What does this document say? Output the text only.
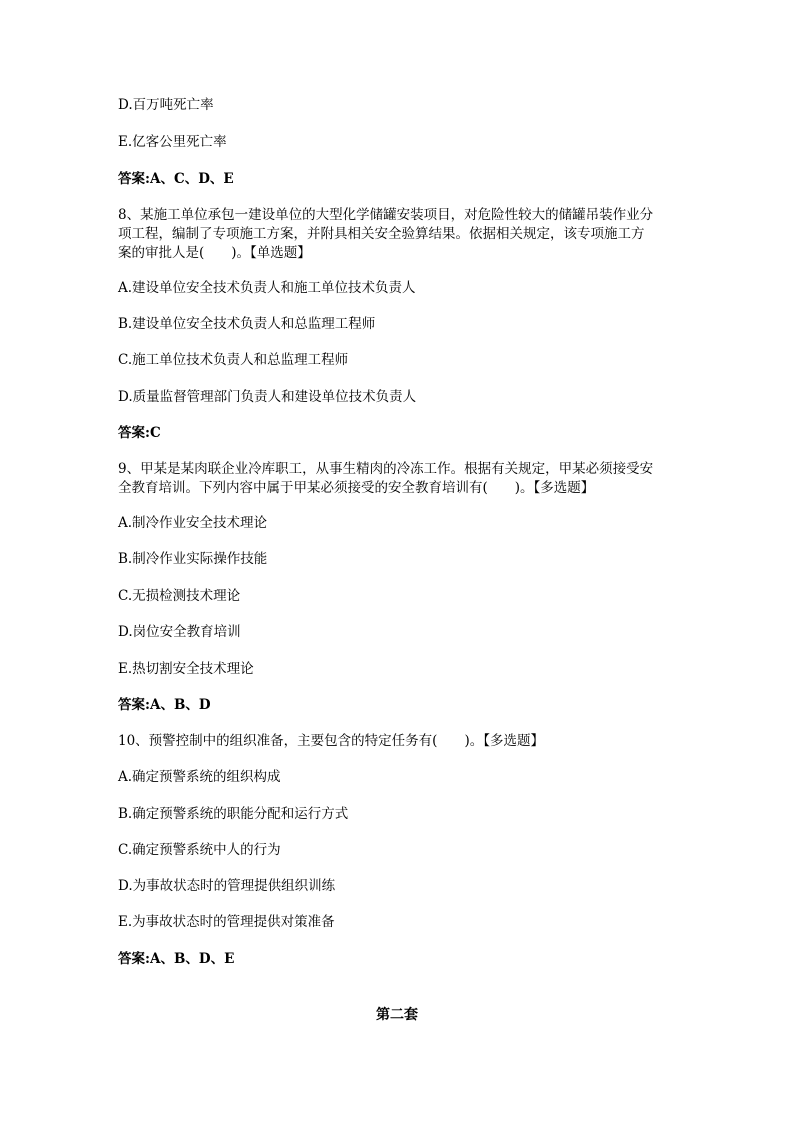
D.百万吨死亡率
E.亿客公里死亡率
答案:A、C、D、E
8、某施工单位承包一建设单位的大型化学储罐安装项目，对危险性较大的储罐吊装作业分
项工程，编制了专项施工方案，并附具相关安全验算结果。依据相关规定，该专项施工方
案的审批人是(　　)。【单选题】
A.建设单位安全技术负责人和施工单位技术负责人
B.建设单位安全技术负责人和总监理工程师
C.施工单位技术负责人和总监理工程师
D.质量监督管理部门负责人和建设单位技术负责人
答案:C
9、甲某是某肉联企业冷库职工，从事生精肉的冷冻工作。根据有关规定，甲某必须接受安
全教育培训。下列内容中属于甲某必须接受的安全教育培训有(　　)。【多选题】
A.制冷作业安全技术理论
B.制冷作业实际操作技能
C.无损检测技术理论
D.岗位安全教育培训
E.热切割安全技术理论
答案:A、B、D
10、预警控制中的组织准备，主要包含的特定任务有(　　)。【多选题】
A.确定预警系统的组织构成
B.确定预警系统的职能分配和运行方式
C.确定预警系统中人的行为
D.为事故状态时的管理提供组织训练
E.为事故状态时的管理提供对策准备
答案:A、B、D、E
第二套
